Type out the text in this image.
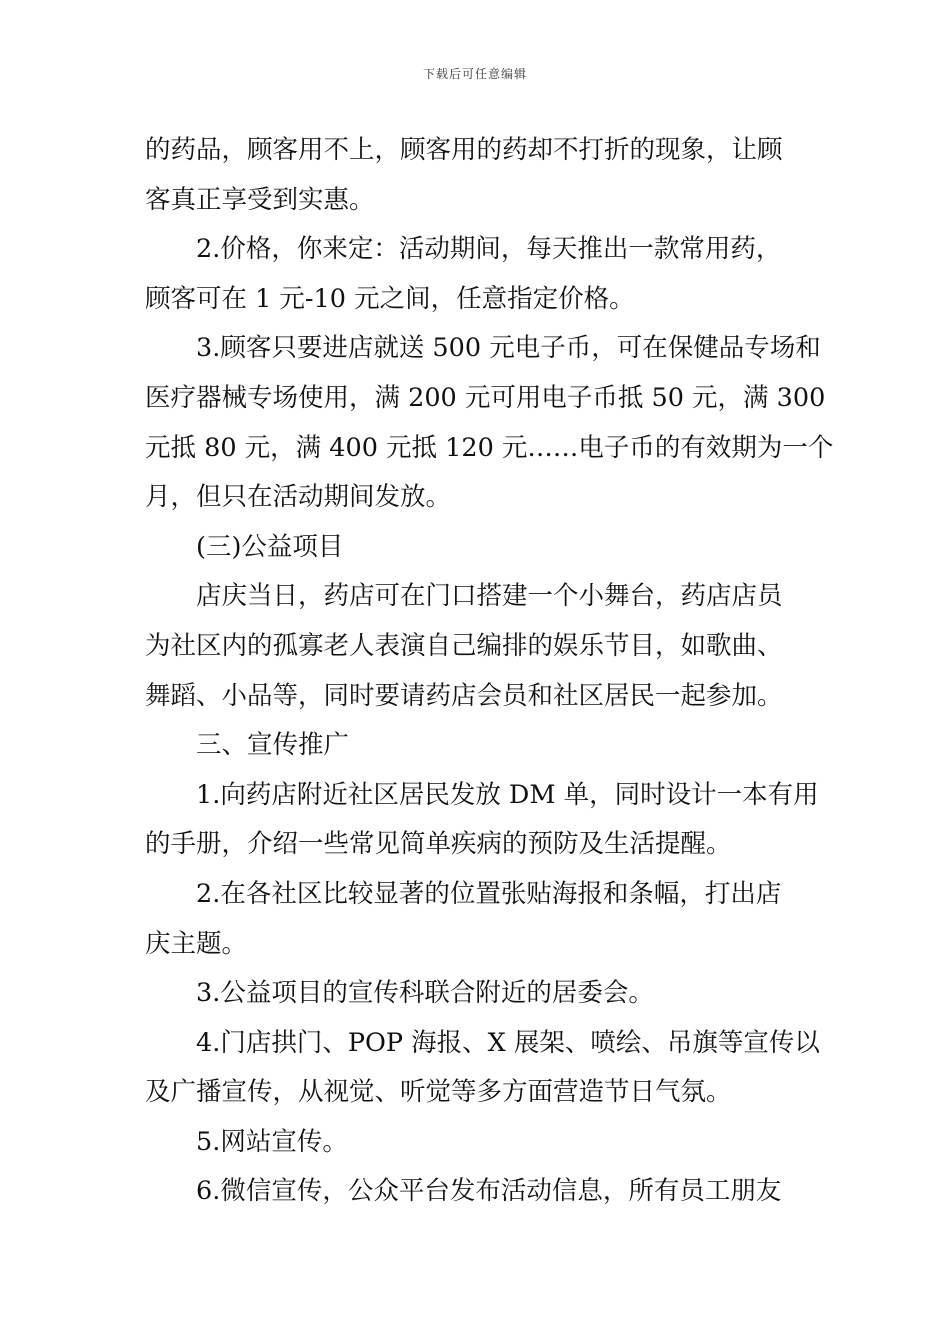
下载后可任意编辑
的药品，顾客用不上，顾客用的药却不打折的现象，让顾
客真正享受到实惠。
2.价格，你来定：活动期间，每天推出一款常用药，
顾客可在 1 元-10 元之间，任意指定价格。
3.顾客只要进店就送 500 元电子币，可在保健品专场和
医疗器械专场使用，满 200 元可用电子币抵 50 元，满 300
元抵 80 元，满 400 元抵 120 元……电子币的有效期为一个
月，但只在活动期间发放。
(三)公益项目
店庆当日，药店可在门口搭建一个小舞台，药店店员
为社区内的孤寡老人表演自己编排的娱乐节目，如歌曲、
舞蹈、小品等，同时要请药店会员和社区居民一起参加。
三、宣传推广
1.向药店附近社区居民发放 DM 单，同时设计一本有用
的手册，介绍一些常见简单疾病的预防及生活提醒。
2.在各社区比较显著的位置张贴海报和条幅，打出店
庆主题。
3.公益项目的宣传科联合附近的居委会。
4.门店拱门、POP 海报、X 展架、喷绘、吊旗等宣传以
及广播宣传，从视觉、听觉等多方面营造节日气氛。
5.网站宣传。
6.微信宣传，公众平台发布活动信息，所有员工朋友
